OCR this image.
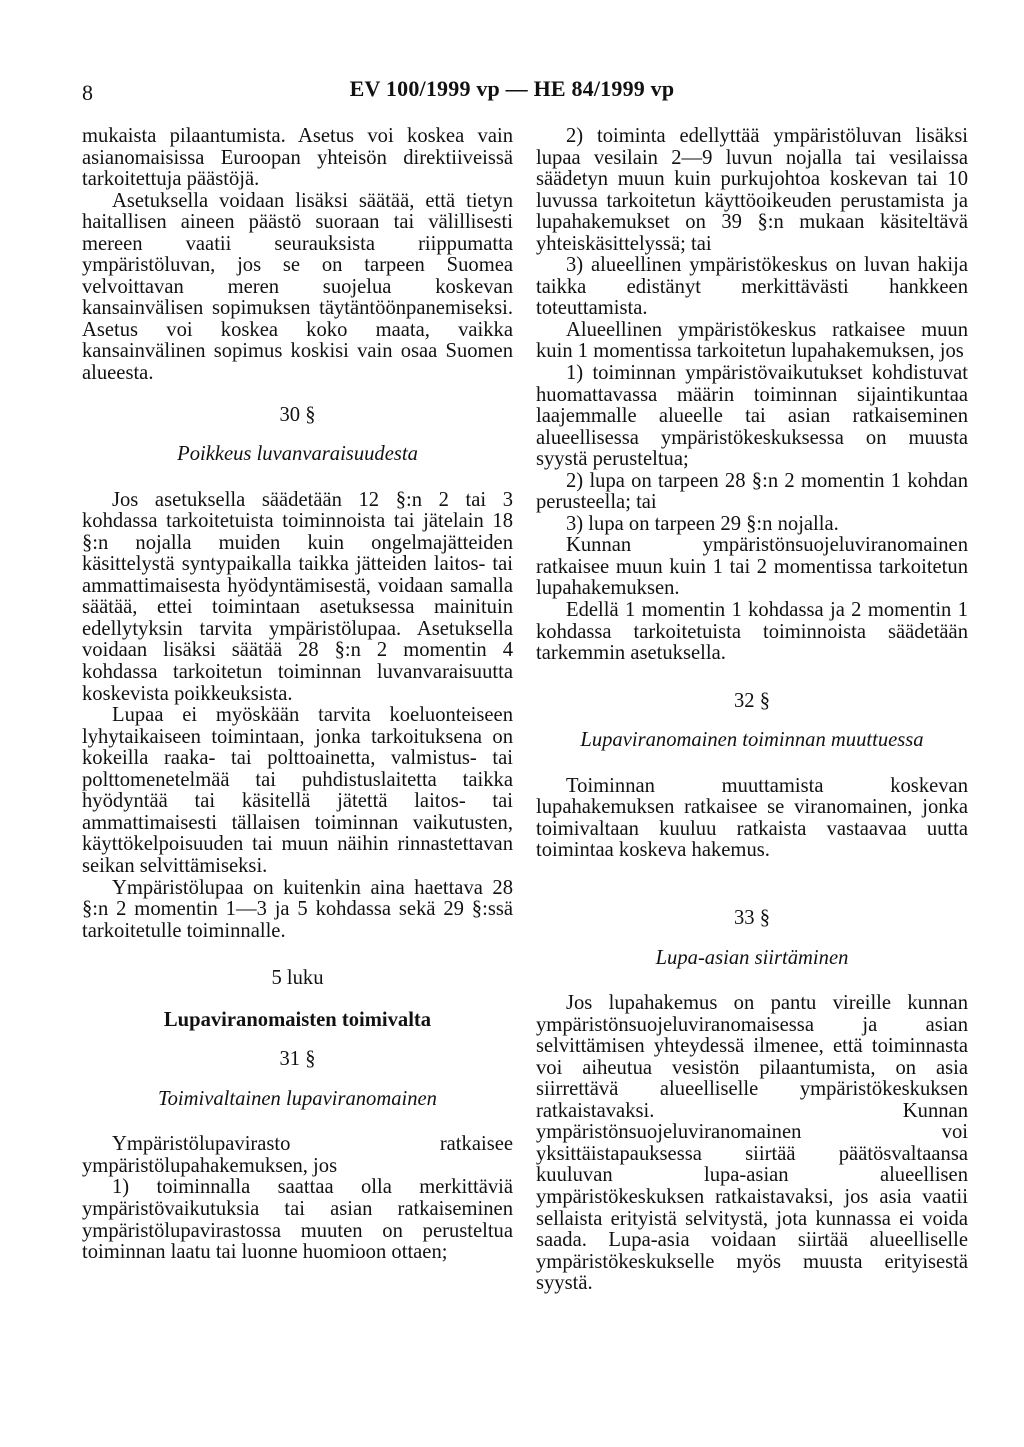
8	EV 100/1999 vp — HE 84/1999 vp

mukaista pilaantumista. Asetus voi koskea vain asianomaisissa Euroopan yhteisön direktiiveissä tarkoitettuja päästöjä.

Asetuksella voidaan lisäksi säätää, että tietyn haitallisen aineen päästö suoraan tai välillisesti mereen vaatii seurauksista riippumatta ympäristöluvan, jos se on tarpeen Suomea velvoittavan meren suojelua koskevan kansainvälisen sopimuksen täytäntöönpanemiseksi. Asetus voi koskea koko maata, vaikka kansainvälinen sopimus koskisi vain osaa Suomen alueesta.

30 §
Poikkeus luvanvaraisuudesta

Jos asetuksella säädetään 12 §:n 2 tai 3 kohdassa tarkoitetuista toiminnoista tai jätelain 18 §:n nojalla muiden kuin ongelmajätteiden käsittelystä syntypaikalla taikka jätteiden laitos- tai ammattimaisesta hyödyntämisestä, voidaan samalla säätää, ettei toimintaan asetuksessa mainituin edellytyksin tarvita ympäristölupaa. Asetuksella voidaan lisäksi säätää 28 §:n 2 momentin 4 kohdassa tarkoitetun toiminnan luvanvaraisuutta koskevista poikkeuksista.

Lupaa ei myöskään tarvita koeluonteiseen lyhytaikaiseen toimintaan, jonka tarkoituksena on kokeilla raaka- tai polttoainetta, valmistus- tai polttomenetelmää tai puhdistuslaitetta taikka hyödyntää tai käsitellä jätettä laitos- tai ammattimaisesti tällaisen toiminnan vaikutusten, käyttökelpoisuuden tai muun näihin rinnastettavan seikan selvittämiseksi.

Ympäristölupaa on kuitenkin aina haettava 28 §:n 2 momentin 1—3 ja 5 kohdassa sekä 29 §:ssä tarkoitetulle toiminnalle.

5 luku
Lupaviranomaisten toimivalta
31 §
Toimivaltainen lupaviranomainen

Ympäristölupavirasto ratkaisee ympäristölupahakemuksen, jos

1) toiminnalla saattaa olla merkittäviä ympäristövaikutuksia tai asian ratkaiseminen ympäristölupavirastossa muuten on perusteltua toiminnan laatu tai luonne huomioon ottaen;

2) toiminta edellyttää ympäristöluvan lisäksi lupaa vesilain 2—9 luvun nojalla tai vesilaissa säädetyn muun kuin purkujohtoa koskevan tai 10 luvussa tarkoitetun käyttöoikeuden perustamista ja lupahakemukset on 39 §:n mukaan käsiteltävä yhteiskäsittelyssä; tai

3) alueellinen ympäristökeskus on luvan hakija taikka edistänyt merkittävästi hankkeen toteuttamista.

Alueellinen ympäristökeskus ratkaisee muun kuin 1 momentissa tarkoitetun lupahakemuksen, jos

1) toiminnan ympäristövaikutukset kohdistuvat huomattavassa määrin toiminnan sijaintikuntaa laajemmalle alueelle tai asian ratkaiseminen alueellisessa ympäristökeskuksessa on muusta syystä perusteltua;

2) lupa on tarpeen 28 §:n 2 momentin 1 kohdan perusteella; tai

3) lupa on tarpeen 29 §:n nojalla.

Kunnan ympäristönsuojeluviranomainen ratkaisee muun kuin 1 tai 2 momentissa tarkoitetun lupahakemuksen.

Edellä 1 momentin 1 kohdassa ja 2 momentin 1 kohdassa tarkoitetuista toiminnoista säädetään tarkemmin asetuksella.

32 §
Lupaviranomainen toiminnan muuttuessa

Toiminnan muuttamista koskevan lupahakemuksen ratkaisee se viranomainen, jonka toimivaltaan kuuluu ratkaista vastaavaa uutta toimintaa koskeva hakemus.

33 §
Lupa-asian siirtäminen

Jos lupahakemus on pantu vireille kunnan ympäristönsuojeluviranomaisessa ja asian selvittämisen yhteydessä ilmenee, että toiminnasta voi aiheutua vesistön pilaantumista, on asia siirrettävä alueelliselle ympäristökeskuksen ratkaistavaksi. Kunnan ympäristönsuojeluviranomainen voi yksittäistapauksessa siirtää päätösvaltaansa kuuluvan lupa-asian alueellisen ympäristökeskuksen ratkaistavaksi, jos asia vaatii sellaista erityistä selvitystä, jota kunnassa ei voida saada. Lupa-asia voidaan siirtää alueelliselle ympäristökeskukselle myös muusta erityisestä syystä.
